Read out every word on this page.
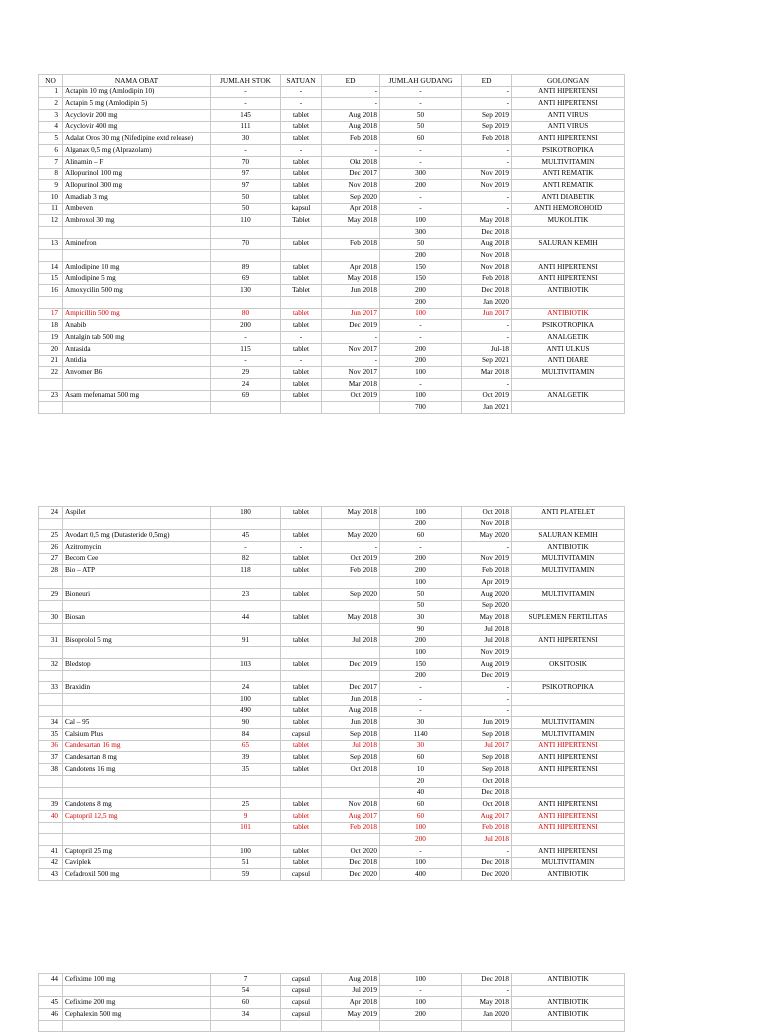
NO	NAMA OBAT	JUMLAH STOK	SATUAN	ED	JUMLAH GUDANG	ED	GOLONGAN
1	Actapin 10 mg (Amlodipin 10)	-	-	-	-	-	ANTI HIPERTENSI
2	Actapin 5 mg (Amlodipin 5)	-	-	-	-	-	ANTI HIPERTENSI
3	Acyclovir 200 mg	145	tablet	Aug 2018	50	Sep 2019	ANTI VIRUS
4	Acyclovir 400 mg	111	tablet	Aug 2018	50	Sep 2019	ANTI VIRUS
5	Adalat Oros 30 mg (Nifedipine extd release)	30	tablet	Feb 2018	60	Feb 2018	ANTI HIPERTENSI
6	Alganax 0,5 mg (Alprazolam)	-	-	-	-	-	PSIKOTROPIKA
7	Alinamin – F	70	tablet	Okt 2018	-	-	MULTIVITAMIN
8	Allopurinol 100 mg	97	tablet	Dec 2017	300	Nov 2019	ANTI REMATIK
9	Allopurinol 300 mg	97	tablet	Nov 2018	200	Nov 2019	ANTI REMATIK
10	Amadiab 3 mg	50	tablet	Sep 2020	-	-	ANTI DIABETIK
11	Ambeven	50	kapsul	Apr 2018	-	-	ANTI HEMOROHOID
12	Ambroxol 30 mg	110	Tablet	May 2018	100	May 2018	MUKOLITIK
					300	Dec 2018	
13	Aminefron	70	tablet	Feb 2018	50	Aug 2018	SALURAN KEMIH
					200	Nov 2018	
14	Amlodipine 10 mg	89	tablet	Apr 2018	150	Nov 2018	ANTI HIPERTENSI
15	Amlodipine 5 mg	69	tablet	May 2018	150	Feb 2018	ANTI HIPERTENSI
16	Amoxycilin 500 mg	130	Tablet	Jun 2018	200	Dec 2018	ANTIBIOTIK
					200	Jan 2020	
17	Ampicillin 500 mg	80	tablet	Jun 2017	100	Jun 2017	ANTIBIOTIK
18	Anabib	200	tablet	Dec 2019	-	-	PSIKOTROPIKA
19	Antalgin tab 500 mg	-	-	-	-	-	ANALGETIK
20	Antasida	115	tablet	Nov 2017	200	Jul-18	ANTI ULKUS
21	Antidia	-	-	-	200	Sep 2021	ANTI DIARE
22	Anvomer B6	29	tablet	Nov 2017	100	Mar 2018	MULTIVITAMIN
		24	tablet	Mar 2018	-	-	
23	Asam mefenamat 500 mg	69	tablet	Oct 2019	100	Oct 2019	ANALGETIK
					700	Jan 2021	
24	Aspilet	180	tablet	May 2018	100	Oct 2018	ANTI PLATELET
					200	Nov 2018	
25	Avodart 0,5 mg (Dutasteride 0,5mg)	45	tablet	May 2020	60	May 2020	SALURAN KEMIH
26	Azitromycin	-	-	-	-	-	ANTIBIOTIK
27	Becom Cee	82	tablet	Oct 2019	200	Nov 2019	MULTIVITAMIN
28	Bio – ATP	118	tablet	Feb 2018	200	Feb 2018	MULTIVITAMIN
					100	Apr 2019	
29	Bioneuri	23	tablet	Sep 2020	50	Aug 2020	MULTIVITAMIN
					50	Sep 2020	
30	Biosan	44	tablet	May 2018	30	May 2018	SUPLEMEN FERTILITAS
					90	Jul 2018	
31	Bisoprolol 5 mg	91	tablet	Jul 2018	200	Jul 2018	ANTI HIPERTENSI
					100	Nov 2019	
32	Bledstop	103	tablet	Dec 2019	150	Aug 2019	OKSITOSIK
					200	Dec 2019	
33	Braxidin	24	tablet	Dec 2017	-	-	PSIKOTROPIKA
		100	tablet	Jun 2018	-	-	
		490	tablet	Aug 2018	-	-	
34	Cal – 95	90	tablet	Jun 2018	30	Jun 2019	MULTIVITAMIN
35	Calsium Plus	84	capsul	Sep 2018	1140	Sep 2018	MULTIVITAMIN
36	Candesartan 16 mg	65	tablet	Jul 2018	30	Jul 2017	ANTI HIPERTENSI
37	Candesartan 8 mg	39	tablet	Sep 2018	60	Sep 2018	ANTI HIPERTENSI
38	Candotens 16 mg	35	tablet	Oct 2018	10	Sep 2018	ANTI HIPERTENSI
					20	Oct 2018	
					40	Dec 2018	
39	Candotens 8 mg	25	tablet	Nov 2018	60	Oct 2018	ANTI HIPERTENSI
40	Captopril 12,5 mg	9	tablet	Aug 2017	60	Aug 2017	ANTI HIPERTENSI
		101	tablet	Feb 2018	100	Feb 2018	ANTI HIPERTENSI
					200	Jul 2018	
41	Captopril 25 mg	100	tablet	Oct 2020	-	-	ANTI HIPERTENSI
42	Caviplek	51	tablet	Dec 2018	100	Dec 2018	MULTIVITAMIN
43	Cefadroxil 500 mg	59	capsul	Dec 2020	400	Dec 2020	ANTIBIOTIK
44	Cefixime 100 mg	7	capsul	Aug 2018	100	Dec 2018	ANTIBIOTIK
		54	capsul	Jul 2019	-	-	
45	Cefixime 200 mg	60	capsul	Apr 2018	100	May 2018	ANTIBIOTIK
46	Cephalexin 500 mg	34	capsul	May 2019	200	Jan 2020	ANTIBIOTIK
